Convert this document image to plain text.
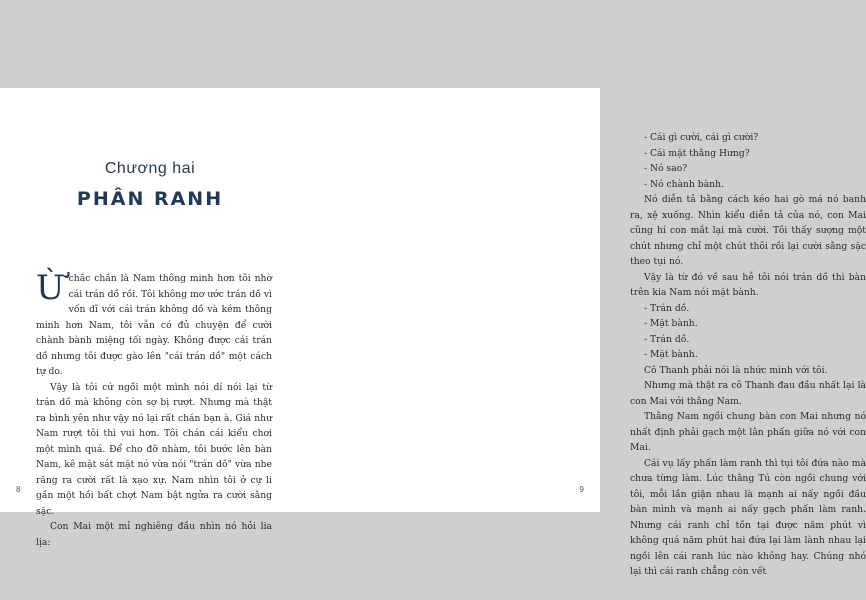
Chương hai
PHÂN RANH

Ừchắc chắn là Nam thông minh hơn tôi nhờ cái trán dồ rồi. Tôi không mơ ước trán dồ vì vốn dĩ với cái trán không dồ và kém thông minh hơn Nam, tôi vẫn có đủ chuyện để cười chành bành miệng tối ngày. Không được cái trán dồ nhưng tôi được gào lên "cái trán dồ" một cách tự do.

Vậy là tôi cứ ngồi một mình nói dí nói lại từ trán dồ mà không còn sợ bị rượt. Nhưng mà thật ra bình yên như vậy nó lại rất chán bạn à. Giá như Nam rượt tôi thì vui hơn. Tôi chán cái kiểu chơi một mình quá. Để cho đỡ nhàm, tôi bước lên bàn Nam, kê mặt sát mặt nó vừa nói "trán dồ" vừa nhe răng ra cười rất là xạo xự. Nam nhìn tôi ở cự li gần một hồi bất chợt Nam bật ngửa ra cười sằng sặc.

Con Mai một mỉ nghiêng đầu nhìn nó hỏi lia lịa:

8

- Cái gì cười, cái gì cười?

- Cái mặt thằng Hưng?

- Nó sao?

- Nó chành bành.

Nó diễn tả bằng cách kéo hai gò má nó banh ra, xệ xuống. Nhìn kiểu diễn tả của nó, con Mai cũng hí con mắt lại mà cười. Tôi thấy sượng một chút nhưng chỉ một chút thôi rồi lại cười sằng sặc theo tụi nó.

Vậy là từ đó về sau hễ tôi nói trán dồ thì bàn trên kia Nam nói mặt bành.

- Trán dồ.

- Mặt bành.

- Trán dồ.

- Mặt bành.

Cô Thanh phải nói là nhức mình với tôi.

Nhưng mà thật ra cô Thanh đau đầu nhất lại là con Mai với thằng Nam.

Thằng Nam ngồi chung bàn con Mai nhưng nó nhất định phải gạch một lằn phấn giữa nó với con Mai.

Cái vụ lấy phấn làm ranh thì tụi tôi đứa nào mà chưa từng làm. Lúc thằng Tú còn ngồi chung với tôi, mỗi lần giận nhau là mạnh ai nấy ngồi đầu bàn mình và mạnh ai nấy gạch phấn làm ranh. Nhưng cái ranh chỉ tồn tại được năm phút vì không quá năm phút hai đứa lại làm lành nhau lại ngồi lên cái ranh lúc nào không hay. Chúng nhó lại thì cái ranh chẳng còn vết

9
